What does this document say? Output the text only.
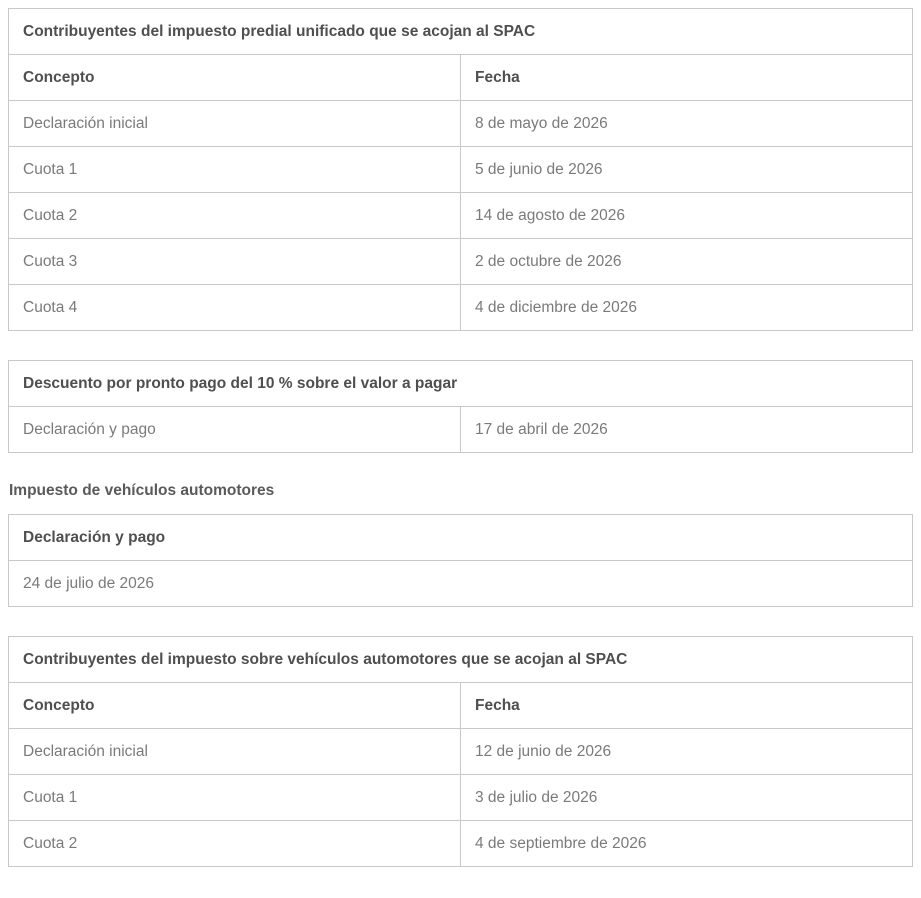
Contribuyentes del impuesto predial unificado que se acojan al SPAC	
Concepto	Fecha
Declaración inicial	8 de mayo de 2026
Cuota 1	5 de junio de 2026
Cuota 2	14 de agosto de 2026
Cuota 3	2 de octubre de 2026
Cuota 4	4 de diciembre de 2026
Descuento por pronto pago del 10 % sobre el valor a pagar
Declaración y pago	17 de abril de 2026
Impuesto de vehículos automotores
Declaración y pago
24 de julio de 2026
Contribuyentes del impuesto sobre vehículos automotores que se acojan al SPAC	
Concepto	Fecha
Declaración inicial	12 de junio de 2026
Cuota 1	3 de julio de 2026
Cuota 2	4 de septiembre de 2026
